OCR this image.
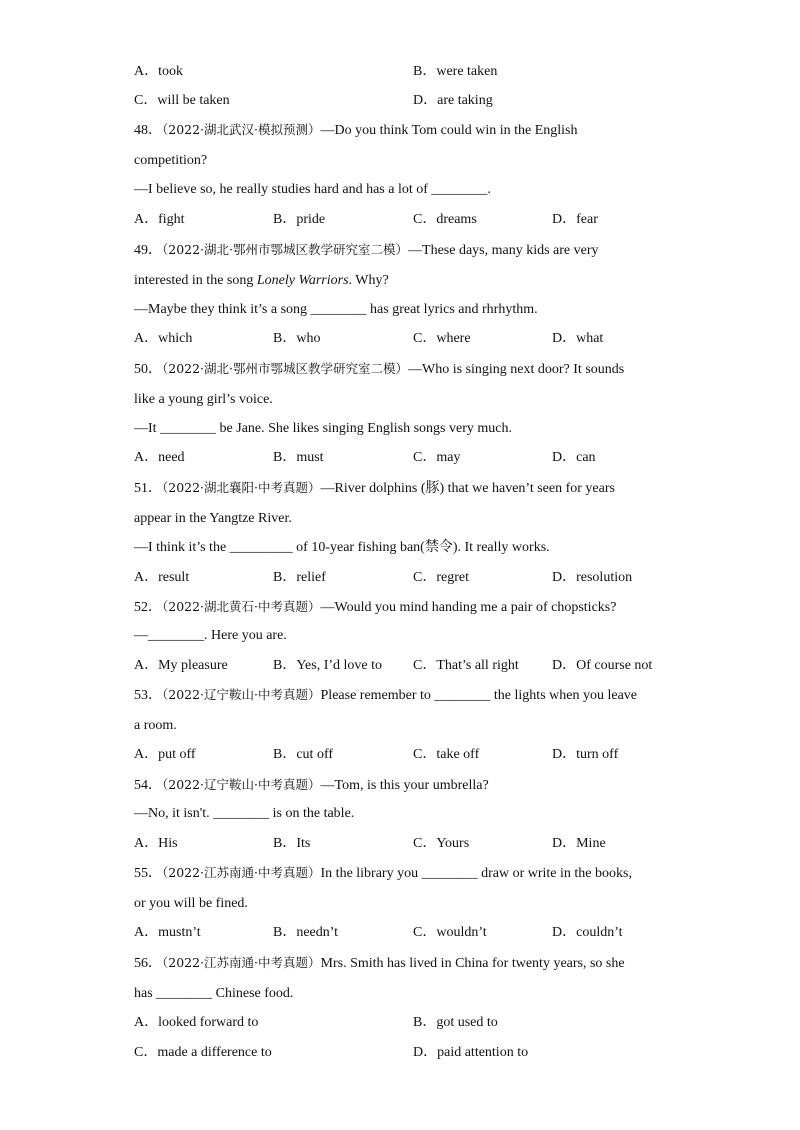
A．took	B．were taken
C．will be taken	D．are taking
48．（2022·湖北武汉·模拟预测）—Do you think Tom could win in the English
competition?
—I believe so, he really studies hard and has a lot of ________.
A．fight	B．pride	C．dreams	D．fear
49．（2022·湖北·鄂州市鄂城区教学研究室二模）—These days, many kids are very
interested in the song Lonely Warriors. Why?
—Maybe they think it’s a song ________ has great lyrics and rhrhythm.
A．which	B．who	C．where	D．what
50．（2022·湖北·鄂州市鄂城区教学研究室二模）—Who is singing next door? It sounds
like a young girl’s voice.
—It ________ be Jane. She likes singing English songs very much.
A．need	B．must	C．may	D．can
51．（2022·湖北襄阳·中考真题）—River dolphins (豚) that we haven’t seen for years
appear in the Yangtze River.
—I think it’s the _________ of 10-year fishing ban(禁令). It really works.
A．result	B．relief	C．regret	D．resolution
52．（2022·湖北黄石·中考真题）—Would you mind handing me a pair of chopsticks?
—________. Here you are.
A．My pleasure	B．Yes, I’d love to C．That’s all right D．Of course not
53．（2022·辽宁鞍山·中考真题）Please remember to ________ the lights when you leave
a room.
A．put off	B．cut off	C．take off	D．turn off
54．（2022·辽宁鞍山·中考真题）—Tom, is this your umbrella?
—No, it isn't. ________ is on the table.
A．His	B．Its	C．Yours	D．Mine
55．（2022·江苏南通·中考真题）In the library you ________ draw or write in the books,
or you will be fined.
A．mustn’t	B．needn’t	C．wouldn’t	D．couldn’t
56．（2022·江苏南通·中考真题）Mrs. Smith has lived in China for twenty years, so she
has ________ Chinese food.
A．looked forward to	B．got used to
C．made a difference to	D．paid attention to
